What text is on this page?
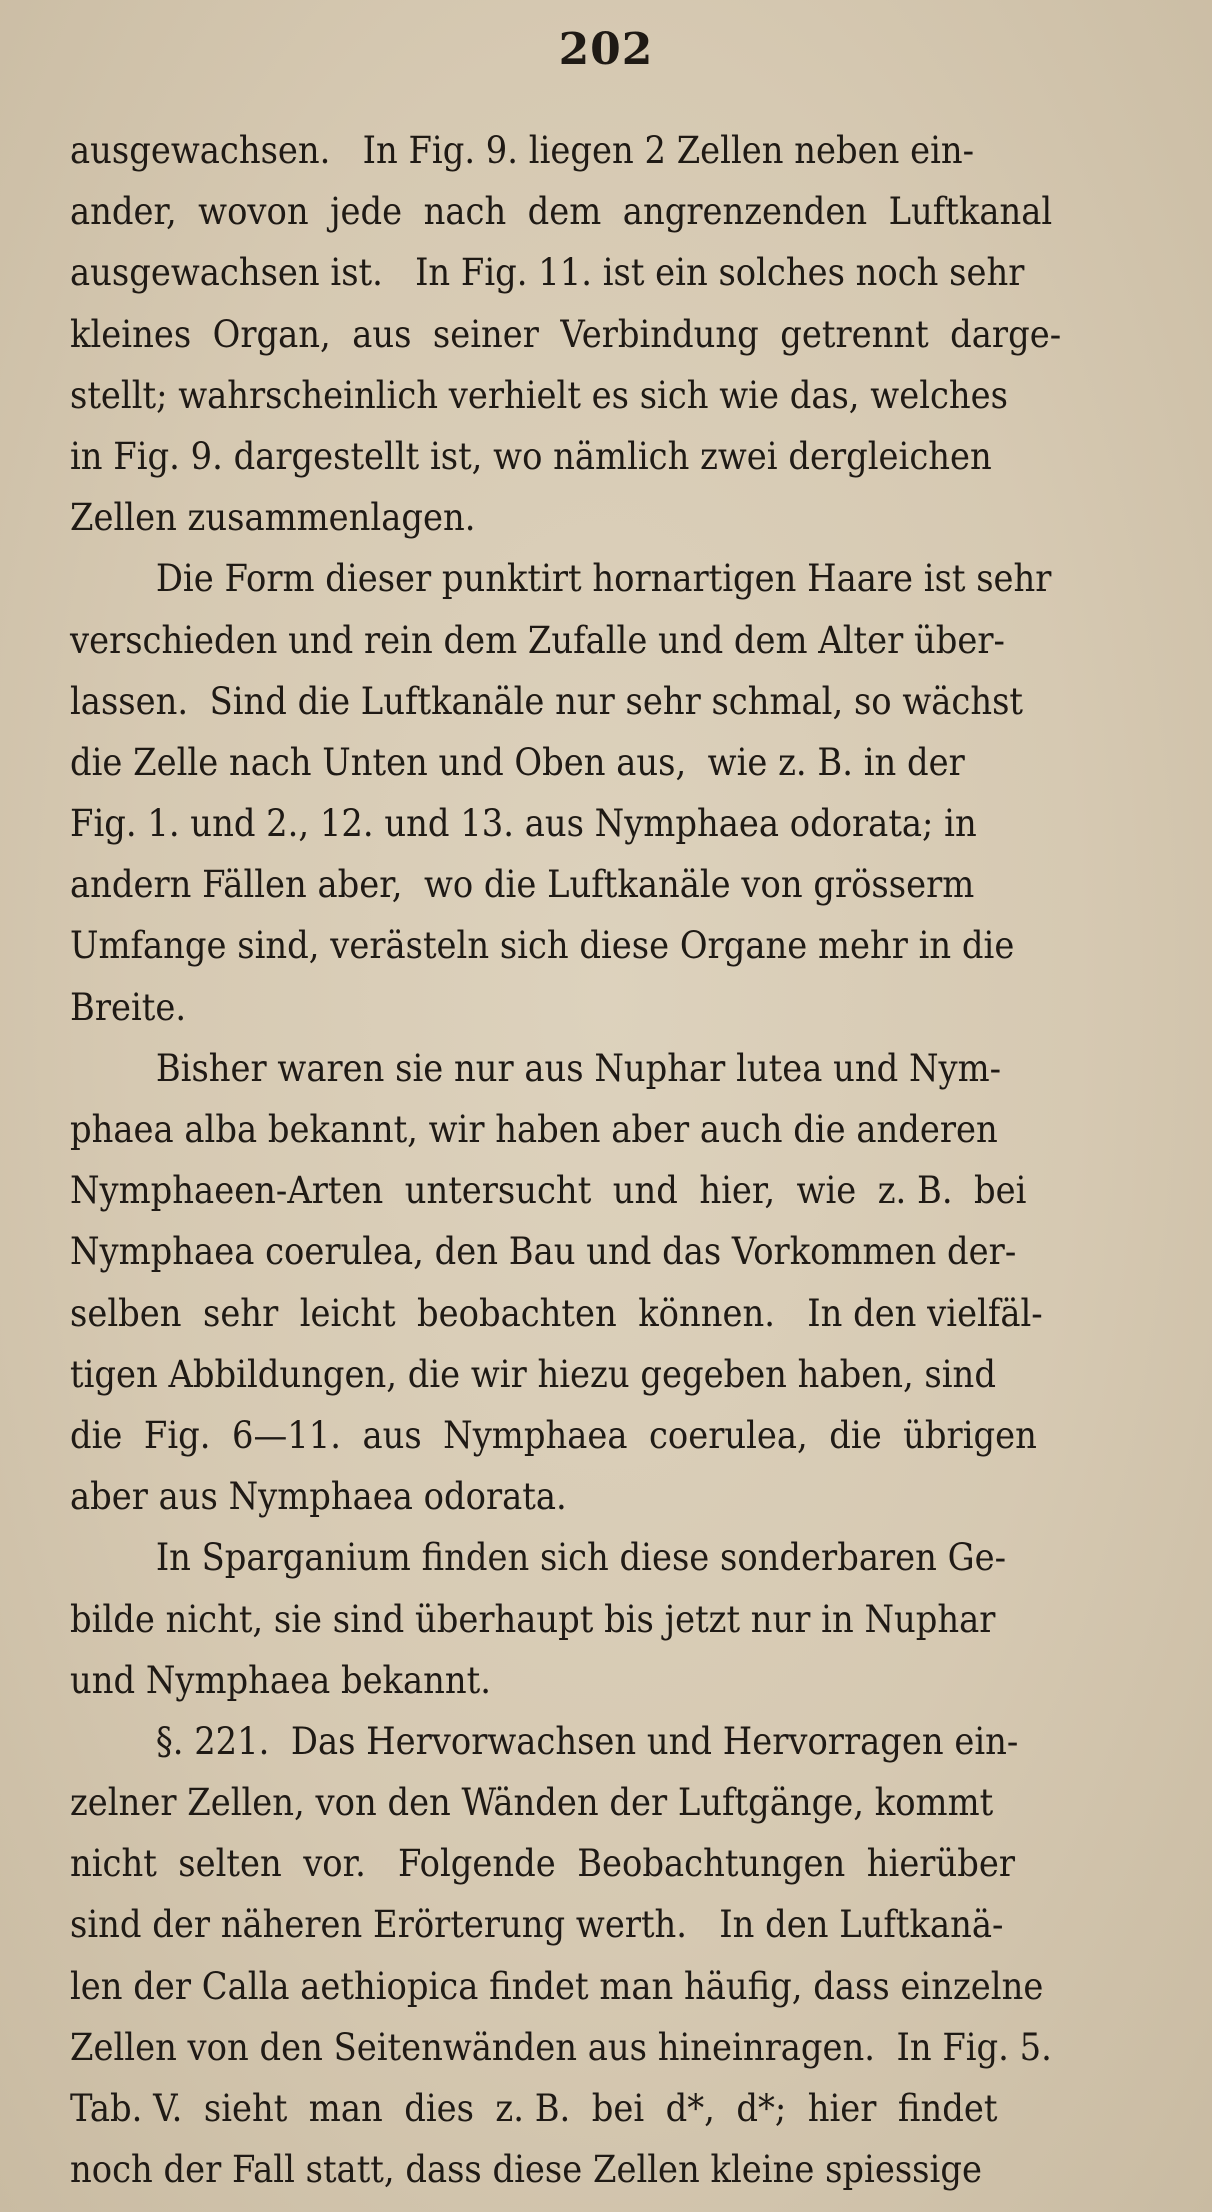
202
ausgewachsen.   In Fig. 9. liegen 2 Zellen neben ein-
ander,  wovon  jede  nach  dem  angrenzenden  Luftkanal
ausgewachsen ist.   In Fig. 11. ist ein solches noch sehr
kleines  Organ,  aus  seiner  Verbindung  getrennt  darge-
stellt; wahrscheinlich verhielt es sich wie das, welches
in Fig. 9. dargestellt ist, wo nämlich zwei dergleichen
Zellen zusammenlagen.
Die Form dieser punktirt hornartigen Haare ist sehr
verschieden und rein dem Zufalle und dem Alter über-
lassen.  Sind die Luftkanäle nur sehr schmal, so wächst
die Zelle nach Unten und Oben aus,  wie z. B. in der
Fig. 1. und 2., 12. und 13. aus Nymphaea odorata; in
andern Fällen aber,  wo die Luftkanäle von grösserm
Umfange sind, verästeln sich diese Organe mehr in die
Breite.
Bisher waren sie nur aus Nuphar lutea und Nym-
phaea alba bekannt, wir haben aber auch die anderen
Nymphaeen-Arten  untersucht  und  hier,  wie  z. B.  bei
Nymphaea coerulea, den Bau und das Vorkommen der-
selben  sehr  leicht  beobachten  können.   In den vielfäl-
tigen Abbildungen, die wir hiezu gegeben haben, sind
die  Fig.  6—11.  aus  Nymphaea  coerulea,  die  übrigen
aber aus Nymphaea odorata.
In Sparganium finden sich diese sonderbaren Ge-
bilde nicht, sie sind überhaupt bis jetzt nur in Nuphar
und Nymphaea bekannt.
§. 221.  Das Hervorwachsen und Hervorragen ein-
zelner Zellen, von den Wänden der Luftgänge, kommt
nicht  selten  vor.   Folgende  Beobachtungen  hierüber
sind der näheren Erörterung werth.   In den Luftkanä-
len der Calla aethiopica findet man häufig, dass einzelne
Zellen von den Seitenwänden aus hineinragen.  In Fig. 5.
Tab. V.  sieht  man  dies  z. B.  bei  d*,  d*;  hier  findet
noch der Fall statt, dass diese Zellen kleine spiessige
